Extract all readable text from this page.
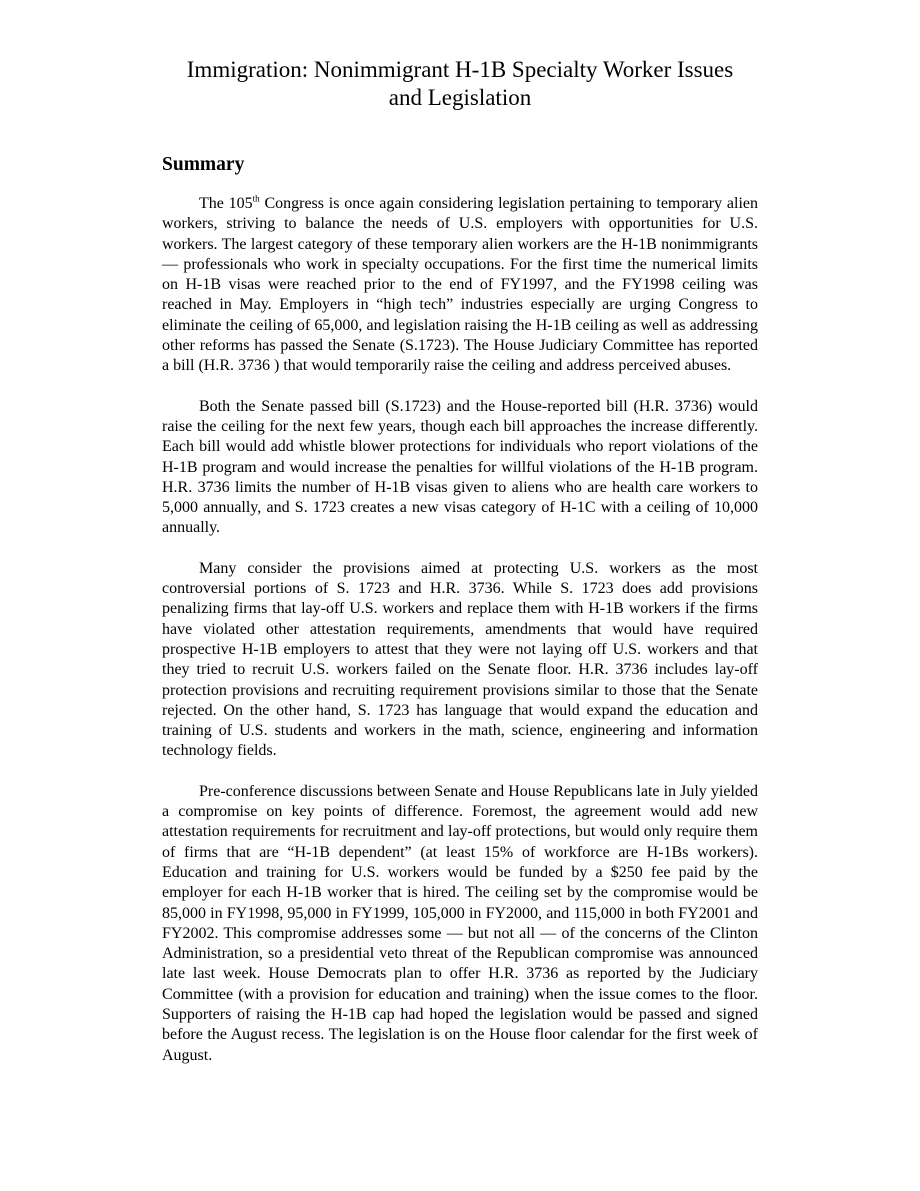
Immigration: Nonimmigrant H-1B Specialty Worker Issues
and Legislation
Summary

The 105th Congress is once again considering legislation pertaining to temporary alien workers, striving to balance the needs of U.S. employers with opportunities for U.S. workers. The largest category of these temporary alien workers are the H-1B nonimmigrants — professionals who work in specialty occupations. For the first time the numerical limits on H-1B visas were reached prior to the end of FY1997, and the FY1998 ceiling was reached in May. Employers in “high tech” industries especially are urging Congress to eliminate the ceiling of 65,000, and legislation raising the H-1B ceiling as well as addressing other reforms has passed the Senate (S.1723). The House Judiciary Committee has reported a bill (H.R. 3736 ) that would temporarily raise the ceiling and address perceived abuses.

Both the Senate passed bill (S.1723) and the House-reported bill (H.R. 3736) would raise the ceiling for the next few years, though each bill approaches the increase differently. Each bill would add whistle blower protections for individuals who report violations of the H-1B program and would increase the penalties for willful violations of the H-1B program. H.R. 3736 limits the number of H-1B visas given to aliens who are health care workers to 5,000 annually, and S. 1723 creates a new visas category of H-1C with a ceiling of 10,000 annually.

Many consider the provisions aimed at protecting U.S. workers as the most controversial portions of S. 1723 and H.R. 3736. While S. 1723 does add provisions penalizing firms that lay-off U.S. workers and replace them with H-1B workers if the firms have violated other attestation requirements, amendments that would have required prospective H-1B employers to attest that they were not laying off U.S. workers and that they tried to recruit U.S. workers failed on the Senate floor. H.R. 3736 includes lay-off protection provisions and recruiting requirement provisions similar to those that the Senate rejected. On the other hand, S. 1723 has language that would expand the education and training of U.S. students and workers in the math, science, engineering and information technology fields.

Pre-conference discussions between Senate and House Republicans late in July yielded a compromise on key points of difference. Foremost, the agreement would add new attestation requirements for recruitment and lay-off protections, but would only require them of firms that are “H-1B dependent” (at least 15% of workforce are H-1Bs workers). Education and training for U.S. workers would be funded by a $250 fee paid by the employer for each H-1B worker that is hired. The ceiling set by the compromise would be 85,000 in FY1998, 95,000 in FY1999, 105,000 in FY2000, and 115,000 in both FY2001 and FY2002. This compromise addresses some — but not all — of the concerns of the Clinton Administration, so a presidential veto threat of the Republican compromise was announced late last week. House Democrats plan to offer H.R. 3736 as reported by the Judiciary Committee (with a provision for education and training) when the issue comes to the floor. Supporters of raising the H-1B cap had hoped the legislation would be passed and signed before the August recess. The legislation is on the House floor calendar for the first week of August.
